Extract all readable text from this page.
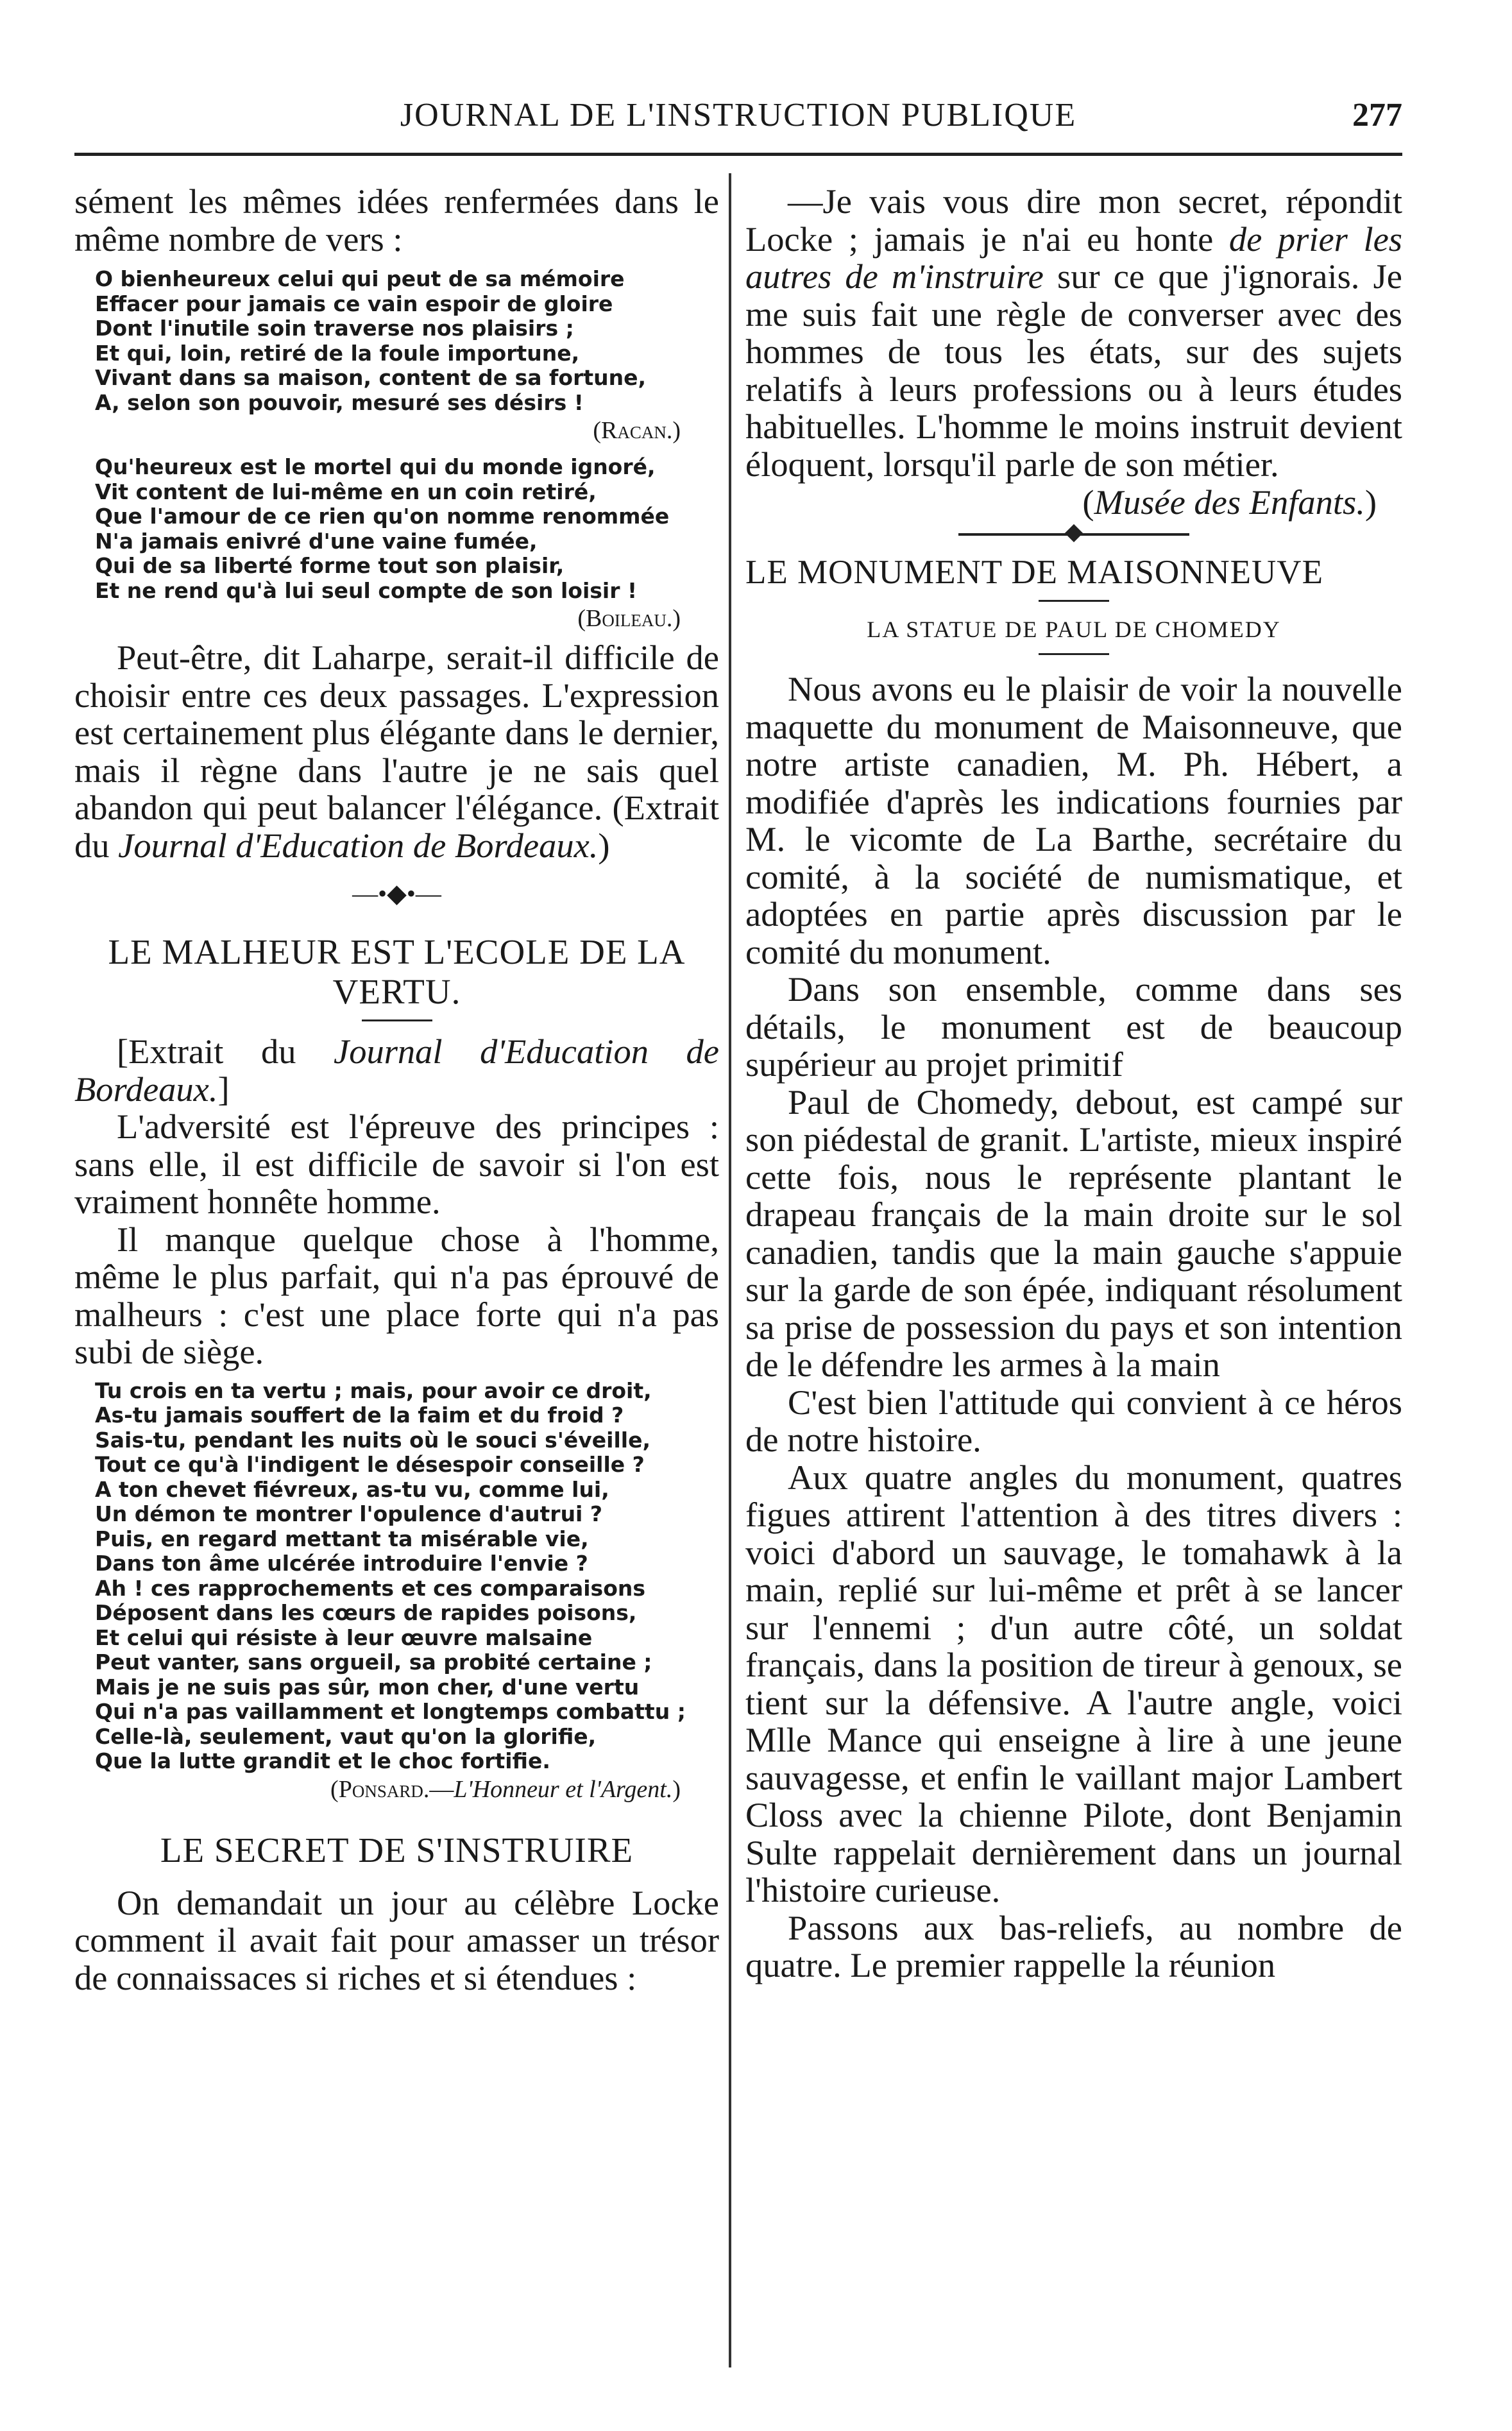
JOURNAL DE L'INSTRUCTION PUBLIQUE	277

sément les mêmes idées renfermées dans le même nombre de vers :

O bienheureux celui qui peut de sa mémoire
Effacer pour jamais ce vain espoir de gloire
Dont l'inutile soin traverse nos plaisirs ;
Et qui, loin, retiré de la foule importune,
Vivant dans sa maison, content de sa fortune,
A, selon son pouvoir, mesuré ses désirs !
(Racan.)
Qu'heureux est le mortel qui du monde ignoré,
Vit content de lui-même en un coin retiré,
Que l'amour de ce rien qu'on nomme renommée
N'a jamais enivré d'une vaine fumée,
Qui de sa liberté forme tout son plaisir,
Et ne rend qu'à lui seul compte de son loisir !
(Boileau.)

Peut-être, dit Laharpe, serait-il difficile de choisir entre ces deux passages. L'expression est certainement plus élégante dans le dernier, mais il règne dans l'autre je ne sais quel abandon qui peut balancer l'élégance. (Extrait du Journal d'Education de Bordeaux.)

—•◆•—
LE MALHEUR EST L'ECOLE DE LA VERTU.

[Extrait du Journal d'Education de Bordeaux.]

L'adversité est l'épreuve des principes : sans elle, il est difficile de savoir si l'on est vraiment honnête homme.

Il manque quelque chose à l'homme, même le plus parfait, qui n'a pas éprouvé de malheurs : c'est une place forte qui n'a pas subi de siège.

Tu crois en ta vertu ; mais, pour avoir ce droit,
As-tu jamais souffert de la faim et du froid ?
Sais-tu, pendant les nuits où le souci s'éveille,
Tout ce qu'à l'indigent le désespoir conseille ?
A ton chevet fiévreux, as-tu vu, comme lui,
Un démon te montrer l'opulence d'autrui ?
Puis, en regard mettant ta misérable vie,
Dans ton âme ulcérée introduire l'envie ?
Ah ! ces rapprochements et ces comparaisons
Déposent dans les cœurs de rapides poisons,
Et celui qui résiste à leur œuvre malsaine
Peut vanter, sans orgueil, sa probité certaine ;
Mais je ne suis pas sûr, mon cher, d'une vertu
Qui n'a pas vaillamment et longtemps combattu ;
Celle-là, seulement, vaut qu'on la glorifie,
Que la lutte grandit et le choc fortifie.
(Ponsard.—L'Honneur et l'Argent.)
LE SECRET DE S'INSTRUIRE

On demandait un jour au célèbre Locke comment il avait fait pour amasser un trésor de connaissaces si riches et si étendues :

—Je vais vous dire mon secret, répondit Locke ; jamais je n'ai eu honte de prier les autres de m'instruire sur ce que j'ignorais. Je me suis fait une règle de converser avec des hommes de tous les états, sur des sujets relatifs à leurs professions ou à leurs études habituelles. L'homme le moins instruit devient éloquent, lorsqu'il parle de son métier.

(Musée des Enfants.)
LE MONUMENT DE MAISONNEUVE
LA STATUE DE PAUL DE CHOMEDY

Nous avons eu le plaisir de voir la nouvelle maquette du monument de Maisonneuve, que notre artiste canadien, M. Ph. Hébert, a modifiée d'après les indications fournies par M. le vicomte de La Barthe, secrétaire du comité, à la société de numismatique, et adoptées en partie après discussion par le comité du monument.

Dans son ensemble, comme dans ses détails, le monument est de beaucoup supérieur au projet primitif

Paul de Chomedy, debout, est campé sur son piédestal de granit. L'artiste, mieux inspiré cette fois, nous le représente plantant le drapeau français de la main droite sur le sol canadien, tandis que la main gauche s'appuie sur la garde de son épée, indiquant résolument sa prise de possession du pays et son intention de le défendre les armes à la main

C'est bien l'attitude qui convient à ce héros de notre histoire.

Aux quatre angles du monument, quatres figues attirent l'attention à des titres divers : voici d'abord un sauvage, le tomahawk à la main, replié sur lui-même et prêt à se lancer sur l'ennemi ; d'un autre côté, un soldat français, dans la position de tireur à genoux, se tient sur la défensive. A l'autre angle, voici Mlle Mance qui enseigne à lire à une jeune sauvagesse, et enfin le vaillant major Lambert Closs avec la chienne Pilote, dont Benjamin Sulte rappelait dernièrement dans un journal l'histoire curieuse.

Passons aux bas-reliefs, au nombre de quatre. Le premier rappelle la réunion
